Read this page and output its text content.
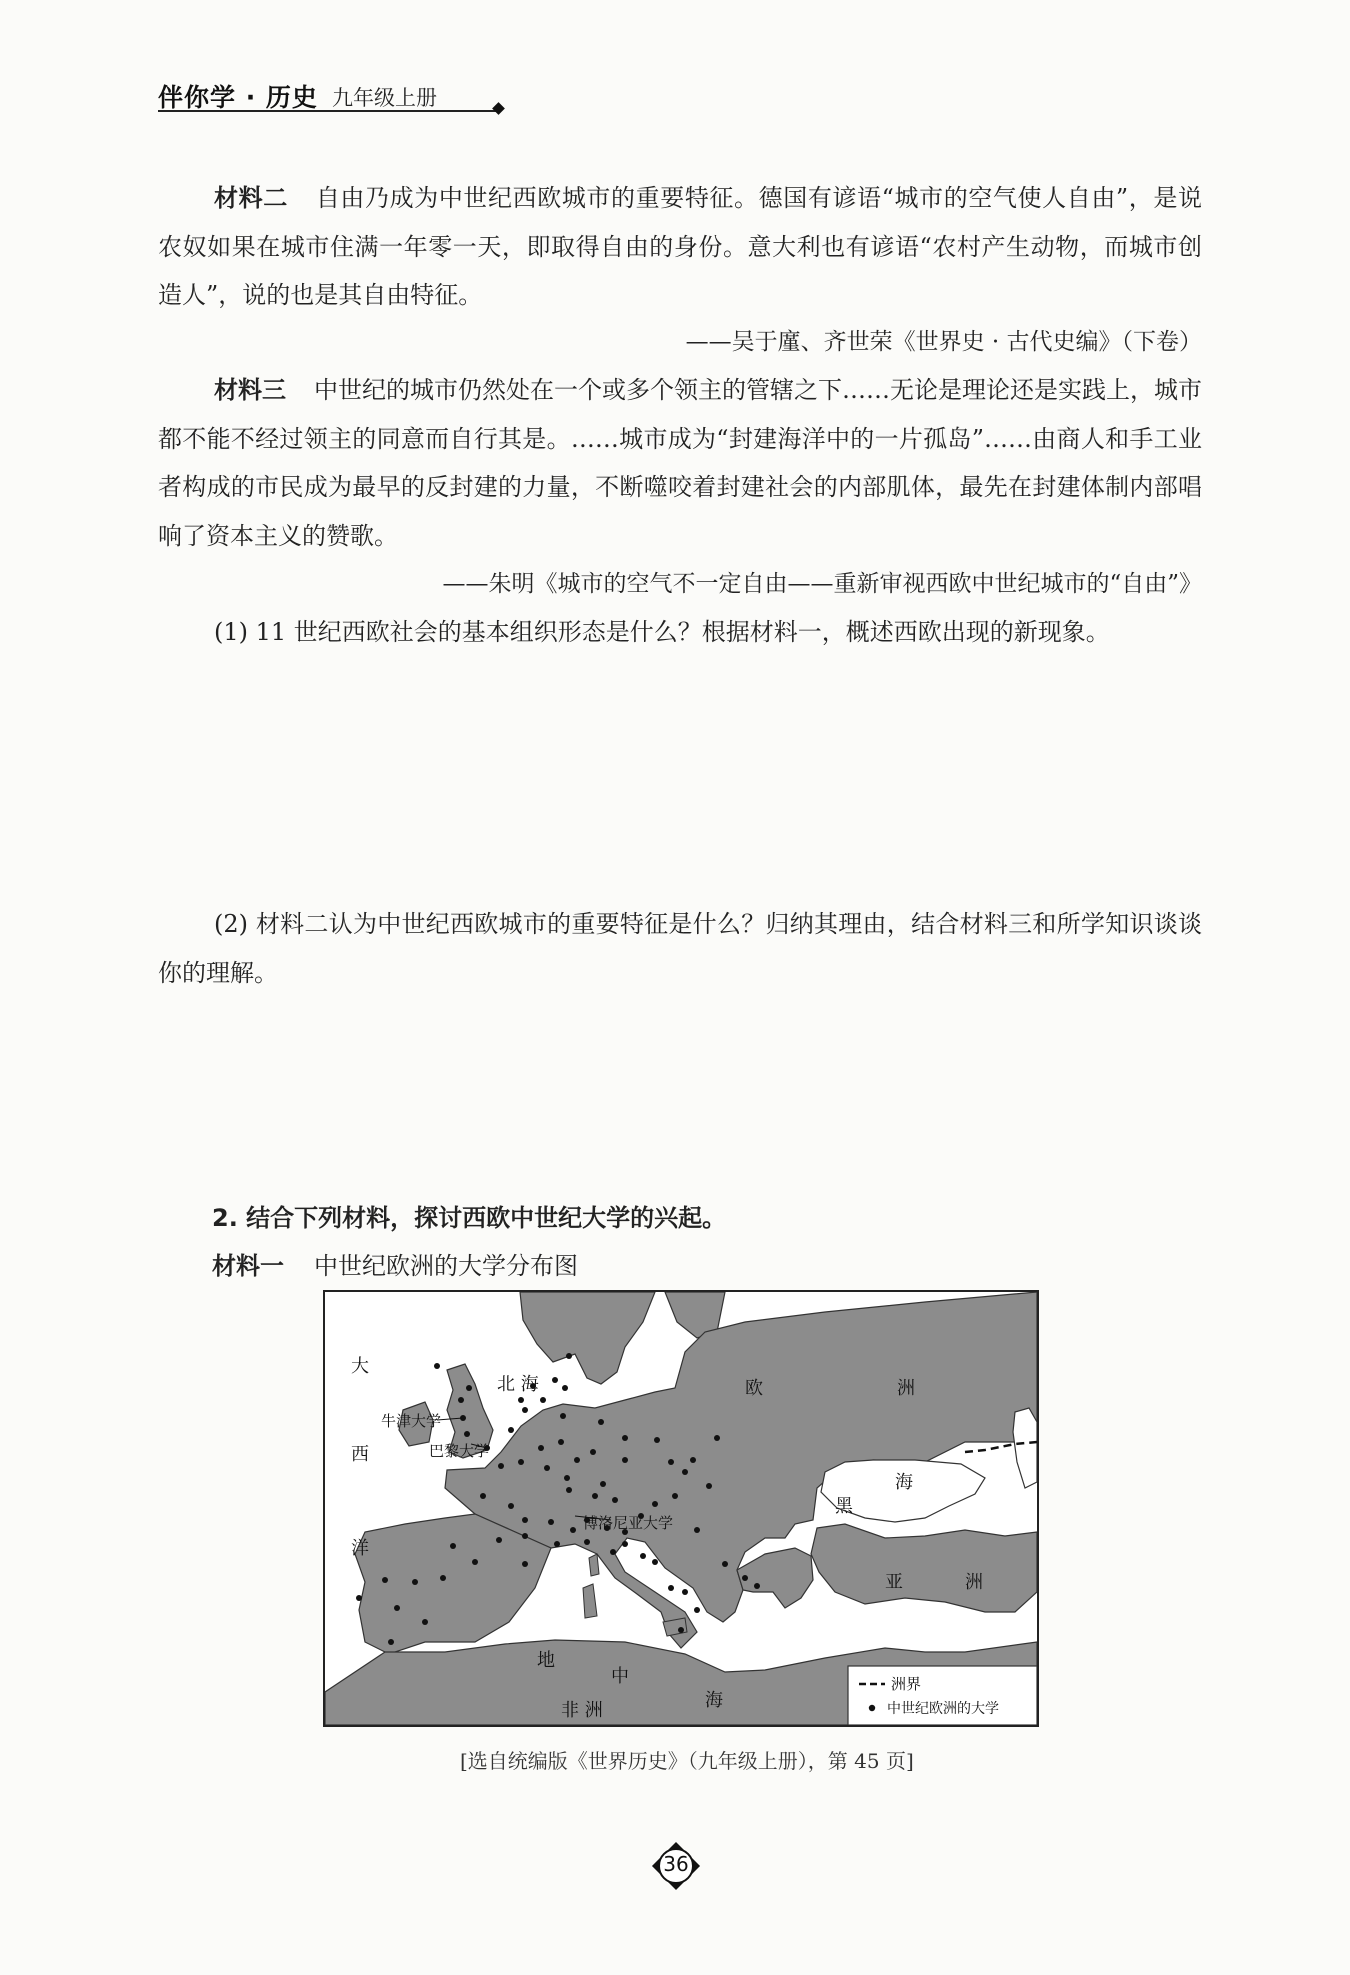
伴你学 · 历史 九年级上册
材料二 自由乃成为中世纪西欧城市的重要特征。德国有谚语“城市的空气使人自由”，是说农奴如果在城市住满一年零一天，即取得自由的身份。意大利也有谚语“农村产生动物，而城市创造人”，说的也是其自由特征。
——吴于廑、齐世荣《世界史 · 古代史编》（下卷）
材料三 中世纪的城市仍然处在一个或多个领主的管辖之下……无论是理论还是实践上，城市都不能不经过领主的同意而自行其是。……城市成为“封建海洋中的一片孤岛”……由商人和手工业者构成的市民成为最早的反封建的力量，不断噬咬着封建社会的内部肌体，最先在封建体制内部唱响了资本主义的赞歌。
——朱明《城市的空气不一定自由——重新审视西欧中世纪城市的“自由”》
(1) 11 世纪西欧社会的基本组织形态是什么？根据材料一，概述西欧出现的新现象。
(2) 材料二认为中世纪西欧城市的重要特征是什么？归纳其理由，结合材料三和所学知识谈谈你的理解。
2. 结合下列材料，探讨西欧中世纪大学的兴起。
材料一 中世纪欧洲的大学分布图
大
西
洋
北 海	欧	洲
黑
海
亚	洲
地
中
海
非 洲
牛津大学
巴黎大学
博洛尼亚大学
洲界
中世纪欧洲的大学
[选自统编版《世界历史》（九年级上册），第 45 页]
36
